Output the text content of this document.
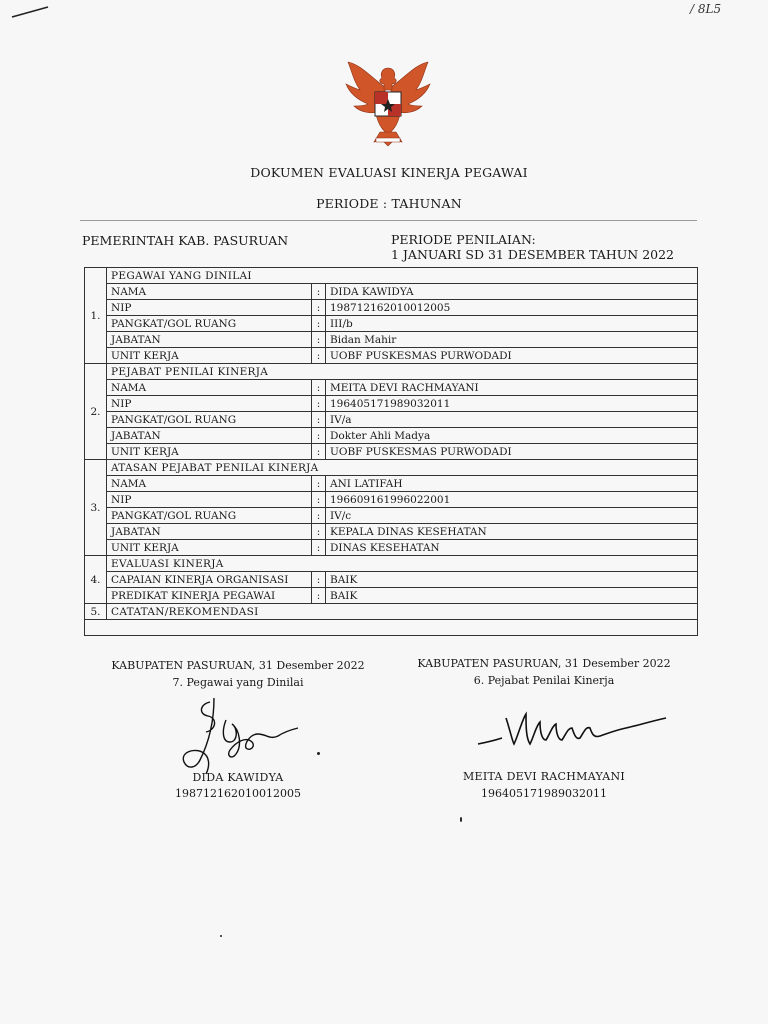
/ 8L5
DOKUMEN EVALUASI KINERJA PEGAWAI
PERIODE : TAHUNAN
PEMERINTAH KAB. PASURUAN	PERIODE PENILAIAN:
1 JANUARI SD 31 DESEMBER TAHUN 2022
1.	PEGAWAI YANG DINILAI		
	NAMA	:	DIDA KAWIDYA
	NIP	:	198712162010012005
	PANGKAT/GOL RUANG	:	III/b
	JABATAN	:	Bidan Mahir
	UNIT KERJA	:	UOBF PUSKESMAS PURWODADI
2.	PEJABAT PENILAI KINERJA		
	NAMA	:	MEITA DEVI RACHMAYANI
	NIP	:	196405171989032011
	PANGKAT/GOL RUANG	:	IV/a
	JABATAN	:	Dokter Ahli Madya
	UNIT KERJA	:	UOBF PUSKESMAS PURWODADI
3.	ATASAN PEJABAT PENILAI KINERJA		
	NAMA	:	ANI LATIFAH
	NIP	:	196609161996022001
	PANGKAT/GOL RUANG	:	IV/c
	JABATAN	:	KEPALA DINAS KESEHATAN
	UNIT KERJA	:	DINAS KESEHATAN
4.	EVALUASI KINERJA		
	CAPAIAN KINERJA ORGANISASI	:	BAIK
	PREDIKAT KINERJA PEGAWAI	:	BAIK
5.	CATATAN/REKOMENDASI		

KABUPATEN PASURUAN, 31 Desember 2022
7. Pegawai yang Dinilai
DIDA KAWIDYA
198712162010012005
KABUPATEN PASURUAN, 31 Desember 2022
6. Pejabat Penilai Kinerja
MEITA DEVI RACHMAYANI
196405171989032011
